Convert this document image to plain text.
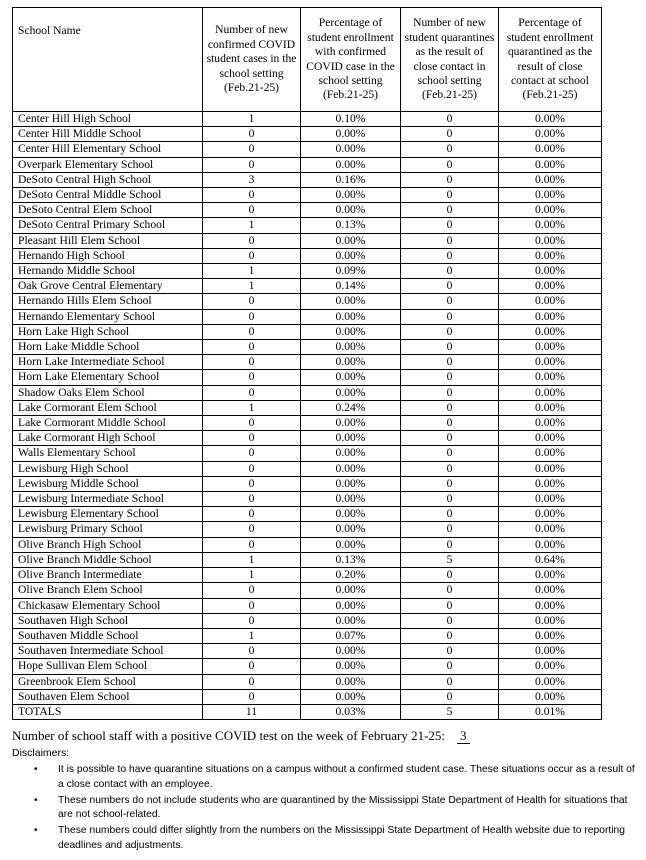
School Name	Number of new confirmed COVID student cases in the school setting (Feb.21-25)	Percentage of student enrollment with confirmed COVID case in the school setting (Feb.21-25)	Number of new student quarantines as the result of close contact in school setting (Feb.21-25)	Percentage of student enrollment quarantined as the result of close contact at school (Feb.21-25)
Center Hill High School	1	0.10%	0	0.00%
Center Hill Middle School	0	0.00%	0	0.00%
Center Hill Elementary School	0	0.00%	0	0.00%
Overpark Elementary School	0	0.00%	0	0.00%
DeSoto Central High School	3	0.16%	0	0.00%
DeSoto Central Middle School	0	0.00%	0	0.00%
DeSoto Central Elem School	0	0.00%	0	0.00%
DeSoto Central Primary School	1	0.13%	0	0.00%
Pleasant Hill Elem School	0	0.00%	0	0.00%
Hernando High School	0	0.00%	0	0.00%
Hernando Middle School	1	0.09%	0	0.00%
Oak Grove Central Elementary	1	0.14%	0	0.00%
Hernando Hills Elem School	0	0.00%	0	0.00%
Hernando Elementary School	0	0.00%	0	0.00%
Horn Lake High School	0	0.00%	0	0.00%
Horn Lake Middle School	0	0.00%	0	0.00%
Horn Lake Intermediate School	0	0.00%	0	0.00%
Horn Lake Elementary School	0	0.00%	0	0.00%
Shadow Oaks Elem School	0	0.00%	0	0.00%
Lake Cormorant Elem School	1	0.24%	0	0.00%
Lake Cormorant Middle School	0	0.00%	0	0.00%
Lake Cormorant High School	0	0.00%	0	0.00%
Walls Elementary School	0	0.00%	0	0.00%
Lewisburg High School	0	0.00%	0	0.00%
Lewisburg Middle School	0	0.00%	0	0.00%
Lewisburg Intermediate School	0	0.00%	0	0.00%
Lewisburg Elementary School	0	0.00%	0	0.00%
Lewisburg Primary School	0	0.00%	0	0.00%
Olive Branch High School	0	0.00%	0	0.00%
Olive Branch Middle School	1	0.13%	5	0.64%
Olive Branch Intermediate	1	0.20%	0	0.00%
Olive Branch Elem School	0	0.00%	0	0.00%
Chickasaw Elementary School	0	0.00%	0	0.00%
Southaven High School	0	0.00%	0	0.00%
Southaven Middle School	1	0.07%	0	0.00%
Southaven Intermediate School	0	0.00%	0	0.00%
Hope Sullivan Elem School	0	0.00%	0	0.00%
Greenbrook Elem School	0	0.00%	0	0.00%
Southaven Elem School	0	0.00%	0	0.00%
TOTALS	11	0.03%	5	0.01%
Number of school staff with a positive COVID test on the week of February 21-25: 3
Disclaimers:
• It is possible to have quarantine situations on a campus without a confirmed student case. These situations occur as a result of a close contact with an employee.
• These numbers do not include students who are quarantined by the Mississippi State Department of Health for situations that are not school-related.
• These numbers could differ slightly from the numbers on the Mississippi State Department of Health website due to reporting deadlines and adjustments.
